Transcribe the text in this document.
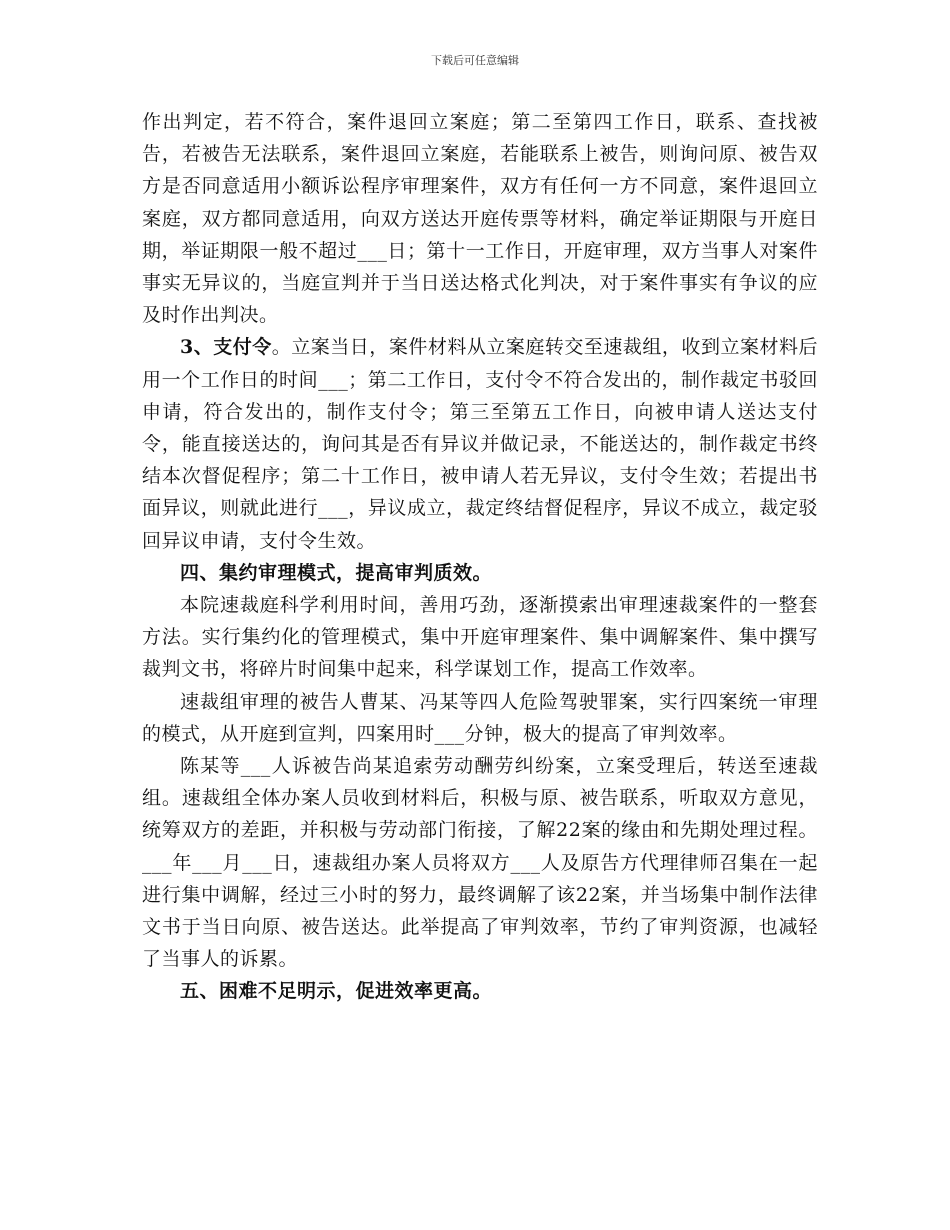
下载后可任意编辑

作出判定，若不符合，案件退回立案庭；第二至第四工作日，联系、查找被告，若被告无法联系，案件退回立案庭，若能联系上被告，则询问原、被告双方是否同意适用小额诉讼程序审理案件，双方有任何一方不同意，案件退回立案庭，双方都同意适用，向双方送达开庭传票等材料，确定举证期限与开庭日期，举证期限一般不超过___日；第十一工作日，开庭审理，双方当事人对案件事实无异议的，当庭宣判并于当日送达格式化判决，对于案件事实有争议的应及时作出判决。

3、支付令。立案当日，案件材料从立案庭转交至速裁组，收到立案材料后用一个工作日的时间___；第二工作日，支付令不符合发出的，制作裁定书驳回申请，符合发出的，制作支付令；第三至第五工作日，向被申请人送达支付令，能直接送达的，询问其是否有异议并做记录，不能送达的，制作裁定书终结本次督促程序；第二十工作日，被申请人若无异议，支付令生效；若提出书面异议，则就此进行___，异议成立，裁定终结督促程序，异议不成立，裁定驳回异议申请，支付令生效。

四、集约审理模式，提高审判质效。

本院速裁庭科学利用时间，善用巧劲，逐渐摸索出审理速裁案件的一整套方法。实行集约化的管理模式，集中开庭审理案件、集中调解案件、集中撰写裁判文书，将碎片时间集中起来，科学谋划工作，提高工作效率。

速裁组审理的被告人曹某、冯某等四人危险驾驶罪案，实行四案统一审理的模式，从开庭到宣判，四案用时___分钟，极大的提高了审判效率。

陈某等___人诉被告尚某追索劳动酬劳纠纷案，立案受理后，转送至速裁组。速裁组全体办案人员收到材料后，积极与原、被告联系，听取双方意见，统筹双方的差距，并积极与劳动部门衔接，了解22案的缘由和先期处理过程。___年___月___日，速裁组办案人员将双方___人及原告方代理律师召集在一起进行集中调解，经过三小时的努力，最终调解了该22案，并当场集中制作法律文书于当日向原、被告送达。此举提高了审判效率，节约了审判资源，也减轻了当事人的诉累。

五、困难不足明示，促进效率更高。
